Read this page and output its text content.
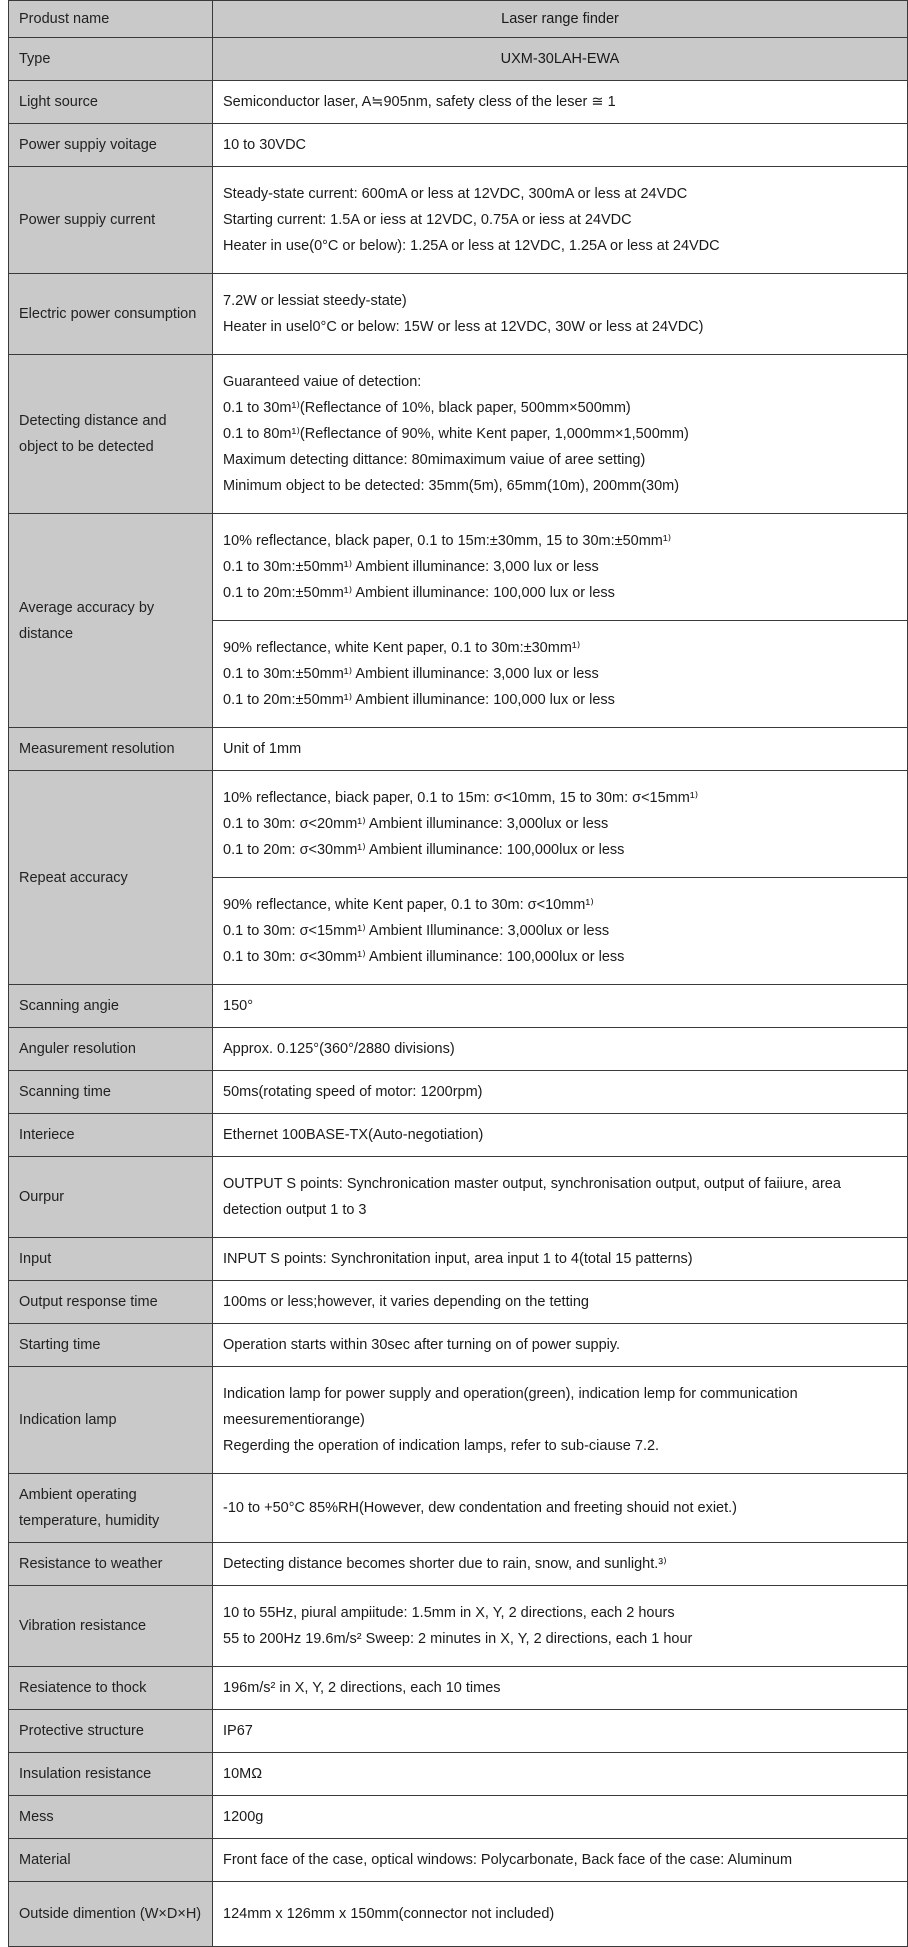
Produst name	Laser range finder

Type	UXM-30LAH-EWA

Light source	Semiconductor laser, A≒905nm, safety cless of the leser ≅ 1

Power suppiy voitage	10 to 30VDC

Power suppiy current	Steady-state current: 600mA or less at 12VDC, 300mA or less at 24VDC
Starting current: 1.5A or iess at 12VDC, 0.75A or iess at 24VDC
Heater in use(0°C or below): 1.25A or less at 12VDC, 1.25A or less at 24VDC

Electric power consumption	7.2W or lessiat steedy-state)
Heater in usel0°C or below: 15W or less at 12VDC, 30W or less at 24VDC)

Detecting distance and object to be detected	Guaranteed vaiue of detection:
0.1 to 30m¹⁾(Reflectance of 10%, black paper, 500mm×500mm)
0.1 to 80m¹⁾(Reflectance of 90%, white Kent paper, 1,000mm×1,500mm)
Maximum detecting dittance: 80mimaximum vaiue of aree setting)
Minimum object to be detected: 35mm(5m), 65mm(10m), 200mm(30m)

Average accuracy by distance	10% reflectance, black paper, 0.1 to 15m:±30mm, 15 to 30m:±50mm¹⁾
0.1 to 30m:±50mm¹⁾ Ambient illuminance: 3,000 lux or less
0.1 to 20m:±50mm¹⁾ Ambient illuminance: 100,000 lux or less

	90% reflectance, white Kent paper, 0.1 to 30m:±30mm¹⁾
0.1 to 30m:±50mm¹⁾ Ambient illuminance: 3,000 lux or less
0.1 to 20m:±50mm¹⁾ Ambient illuminance: 100,000 lux or less

Measurement resolution	Unit of 1mm

Repeat accuracy	10% reflectance, biack paper, 0.1 to 15m: σ<10mm, 15 to 30m: σ<15mm¹⁾
0.1 to 30m: σ<20mm¹⁾ Ambient illuminance: 3,000lux or less
0.1 to 20m: σ<30mm¹⁾ Ambient illuminance: 100,000lux or less

	90% reflectance, white Kent paper, 0.1 to 30m: σ<10mm¹⁾
0.1 to 30m: σ<15mm¹⁾ Ambient Illuminance: 3,000lux or less
0.1 to 30m: σ<30mm¹⁾ Ambient illuminance: 100,000lux or less

Scanning angie	150°

Anguler resolution	Approx. 0.125°(360°/2880 divisions)

Scanning time	50ms(rotating speed of motor: 1200rpm)

Interiece	Ethernet 100BASE-TX(Auto-negotiation)

Ourpur	OUTPUT S points: Synchronication master output, synchronisation output, output of faiiure, area
detection output 1 to 3

Input	INPUT S points: Synchronitation input, area input 1 to 4(total 15 patterns)

Output response time	100ms or less;however, it varies depending on the tetting

Starting time	Operation starts within 30sec after turning on of power suppiy.

Indication lamp	Indication lamp for power supply and operation(green), indication lemp for communication
meesurementiorange)
Regerding the operation of indication lamps, refer to sub-ciause 7.2.

Ambient operating temperature, humidity	-10 to +50°C 85%RH(However, dew condentation and freeting shouid not exiet.)

Resistance to weather	Detecting distance becomes shorter due to rain, snow, and sunlight.³⁾

Vibration resistance	10 to 55Hz, piural ampiitude: 1.5mm in X, Y, 2 directions, each 2 hours
55 to 200Hz 19.6m/s² Sweep: 2 minutes in X, Y, 2 directions, each 1 hour

Resiatence to thock	196m/s² in X, Y, 2 directions, each 10 times

Protective structure	IP67

Insulation resistance	10MΩ

Mess	1200g

Material	Front face of the case, optical windows: Polycarbonate, Back face of the case: Aluminum

Outside dimention (W×D×H)	124mm x 126mm x 150mm(connector not included)
